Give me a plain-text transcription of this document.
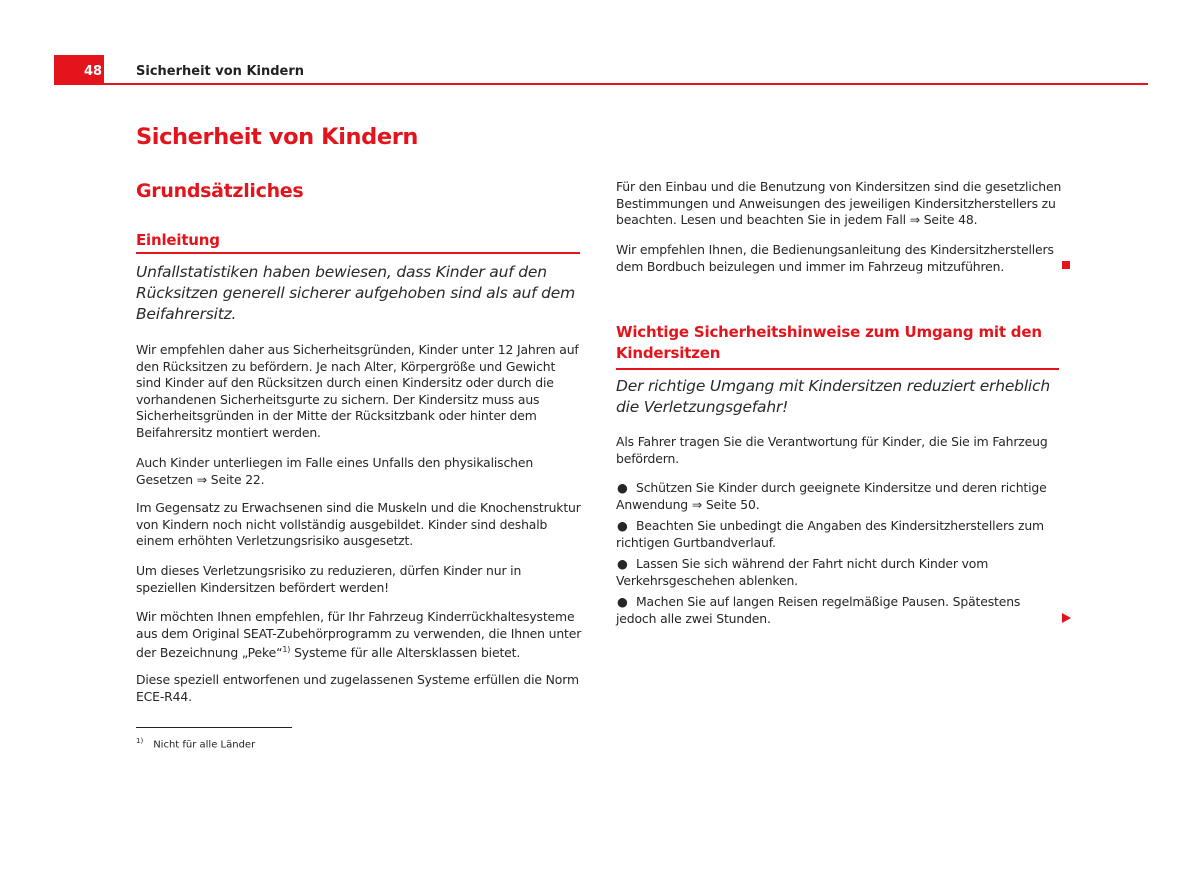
48	Sicherheit von Kindern
Sicherheit von Kindern
Grundsätzliches
Einleitung

Unfallstatistiken haben bewiesen, dass Kinder auf den Rücksitzen generell sicherer aufgehoben sind als auf dem Beifahrersitz.

Wir empfehlen daher aus Sicherheitsgründen, Kinder unter 12 Jahren auf den Rücksitzen zu befördern. Je nach Alter, Körpergröße und Gewicht sind Kinder auf den Rücksitzen durch einen Kindersitz oder durch die vorhandenen Sicherheitsgurte zu sichern. Der Kindersitz muss aus Sicherheitsgründen in der Mitte der Rücksitzbank oder hinter dem Beifahrersitz montiert werden.

Auch Kinder unterliegen im Falle eines Unfalls den physikalischen Gesetzen ⇒ Seite 22.

Im Gegensatz zu Erwachsenen sind die Muskeln und die Knochenstruktur von Kindern noch nicht vollständig ausgebildet. Kinder sind deshalb einem erhöhten Verletzungsrisiko ausgesetzt.

Um dieses Verletzungsrisiko zu reduzieren, dürfen Kinder nur in speziellen Kindersitzen befördert werden!

Wir möchten Ihnen empfehlen, für Ihr Fahrzeug Kinderrückhaltesysteme aus dem Original SEAT-Zubehörprogramm zu verwenden, die Ihnen unter der Bezeichnung „Peke“$^{1)}$ Systeme für alle Altersklassen bietet.

Diese speziell entworfenen und zugelassenen Systeme erfüllen die Norm ECE-R44.

$^{1)}$ Nicht für alle Länder

Für den Einbau und die Benutzung von Kindersitzen sind die gesetzlichen Bestimmungen und Anweisungen des jeweiligen Kindersitzherstellers zu beachten. Lesen und beachten Sie in jedem Fall ⇒ Seite 48.

Wir empfehlen Ihnen, die Bedienungsanleitung des Kindersitzherstellers dem Bordbuch beizulegen und immer im Fahrzeug mitzuführen.

Wichtige Sicherheitshinweise zum Umgang mit den Kindersitzen

Der richtige Umgang mit Kindersitzen reduziert erheblich die Verletzungsgefahr!

Als Fahrer tragen Sie die Verantwortung für Kinder, die Sie im Fahrzeug befördern.

● Schützen Sie Kinder durch geeignete Kindersitze und deren richtige Anwendung ⇒ Seite 50.
● Beachten Sie unbedingt die Angaben des Kindersitzherstellers zum richtigen Gurtbandverlauf.
● Lassen Sie sich während der Fahrt nicht durch Kinder vom Verkehrsgeschehen ablenken.
● Machen Sie auf langen Reisen regelmäßige Pausen. Spätestens jedoch alle zwei Stunden.
